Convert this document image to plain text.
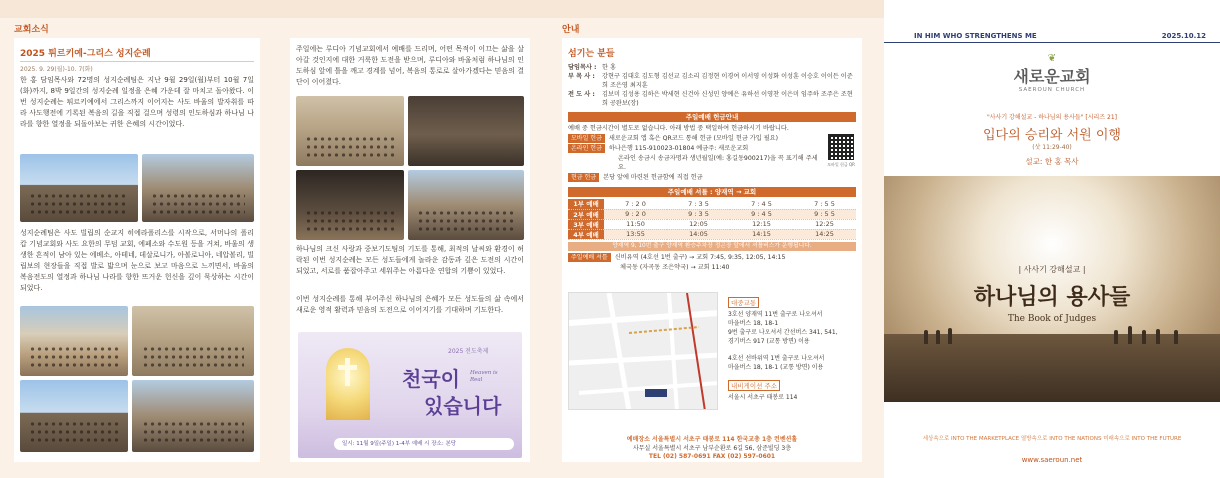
교회소식	안내
2025 튀르키예-그리스 성지순례
2025. 9. 29(월)-10. 7(화)

한 홍 담임목사와 72명의 성지순례팀은 지난 9월 29일(월)부터 10월 7일(화)까지, 8박 9일간의 성지순례 일정을 은혜 가운데 잘 마치고 돌아왔다. 이번 성지순례는 튀르키예에서 그리스까지 이어지는 사도 바울의 발자취를 따라 사도행전에 기록된 복음의 길을 직접 걸으며 성령의 인도하심과 하나님 나라를 향한 열정을 되돌아보는 귀한 은혜의 시간이었다.

성지순례팀은 사도 빌립의 순교지 히에라폴리스를 시작으로, 서머나의 폴리캅 기념교회와 사도 요한의 무덤 교회, 에페소와 수도원 등을 거쳐, 바울의 생생한 흔적이 남아 있는 에베소, 아테네, 데살로니가, 아볼로니아, 네압볼리, 빌립보의 현장들을 직접 발로 밟으며 눈으로 보고 마음으로 느끼면서, 바울의 복음전도의 열정과 하나님 나라를 향한 뜨거운 헌신을 깊이 묵상하는 시간이 되었다.

주일에는 루디아 기념교회에서 예배를 드리며, 어떤 목적이 이끄는 삶을 살아갈 것인지에 대한 거룩한 도전을 받으며, 루디아와 바울처럼 하나님의 인도하심 앞에 틀을 깨고 경계를 넘어, 복음의 통로로 살아가겠다는 믿음의 결단이 이어졌다.

하나님의 크신 사랑과 중보기도팀의 기도를 통해, 최적의 날씨와 환경이 허락된 이번 성지순례는 모든 성도들에게 놀라운 감동과 깊은 도전의 시간이 되었고, 서로를 품잡아주고 세워주는 아름다운 연합의 기쁨이 있었다.

이번 성지순례를 통해 부어주신 하나님의 은혜가 모든 성도들의 삶 속에서 새로운 영적 활력과 믿음의 도전으로 이어지기를 기대하며 기도한다.

2025 전도축제
천국이
있습니다
Heaven is Real
일시: 11월 9일(주일) 1-4부 예배 시 장소: 본당
섬기는 분들
담임목사 : 한 홍
부 목 사 :	강현구 김대호 김도형 김선교 김소리 김정현 이경여 이서영 이성화 이성훈 이승호 이이든 이준희 조은영 최지훈
전 도 사 :	김보미 김성용 김하은 박세현 신건아 신성민 양예은 유하선 이영찬 이은미 임주하 조주은 조현희 공완보(장)
주일예배 헌금안내
예배 중 헌금시간이 별도로 없습니다. 아래 방법 중 택일하여 헌금하시기 바랍니다.
모바일 헌금	새로운교회 앱 혹은 QR코드 통해 헌금 (모바일 헌금 가입 필요)
온라인 헌금	하나은행 115-910023-01804 예금주: 새로운교회
온라인 송금시 송금자명과 생년월일(예: 홍길동900217)을 꼭 표기해 주세요.
현금 헌금	본당 앞에 마련된 헌금함에 직접 헌금
모바일 헌금 QR
주일예배 셔틀 : 양재역 → 교회
1부 예배	7 : 2 0	7 : 3 5	7 : 4 5	7 : 5 5
2부 예배	9 : 2 0	9 : 3 5	9 : 4 5	9 : 5 5
3부 예배	11:50	12:05	12:15	12:25
4부 예배	13:55	14:05	14:15	14:25
양재역 9, 10번 출구 양재역 환승주차장 정곤장 앞에서 셔틀버스가 운행됩니다.
주일예배 셔틀	신비유역 (4호선 1번 출구) → 교회 7:45, 9:35, 12:05, 14:15
체국동 (자곡동 조은약국) → 교회 11:40
대중교통
3호선 양재역 11번 출구로 나오셔서
마을버스 18, 18-1
9번 출구로 나오셔서 간선버스 341, 541,
경기버스 917 (교통 방면) 이용
4호선 선바위역 1번 출구로 나오셔서
마을버스 18, 18-1 (교통 방면) 이용
내비게이션 주소
서울시 서초구 태봉로 114
예배장소 서울특별시 서초구 태봉로 114 한국교총 1층 컨벤션홀
사무실 서울특별시 서초구 남부순환로 6길 56, 삼준빌딩 3층
TEL (02) 587-0691 FAX (02) 597-0601
IN HIM WHO STRENGTHENS ME	2025.10.12
❦
새로운교회
SAEROUN CHURCH
"사사기 강해설교 - 하나님의 용사들" [시리즈 21]
입다의 승리와 서원 이행
(삿 11:29-40)
설교: 한 홍 목사
| 사사기 강해설교 |
하나님의 용사들
The Book of Judges
세상속으로 INTO THE MARKETPLACE 열방속으로 INTO THE NATIONS 미래속으로 INTO THE FUTURE
www.saeroun.net
